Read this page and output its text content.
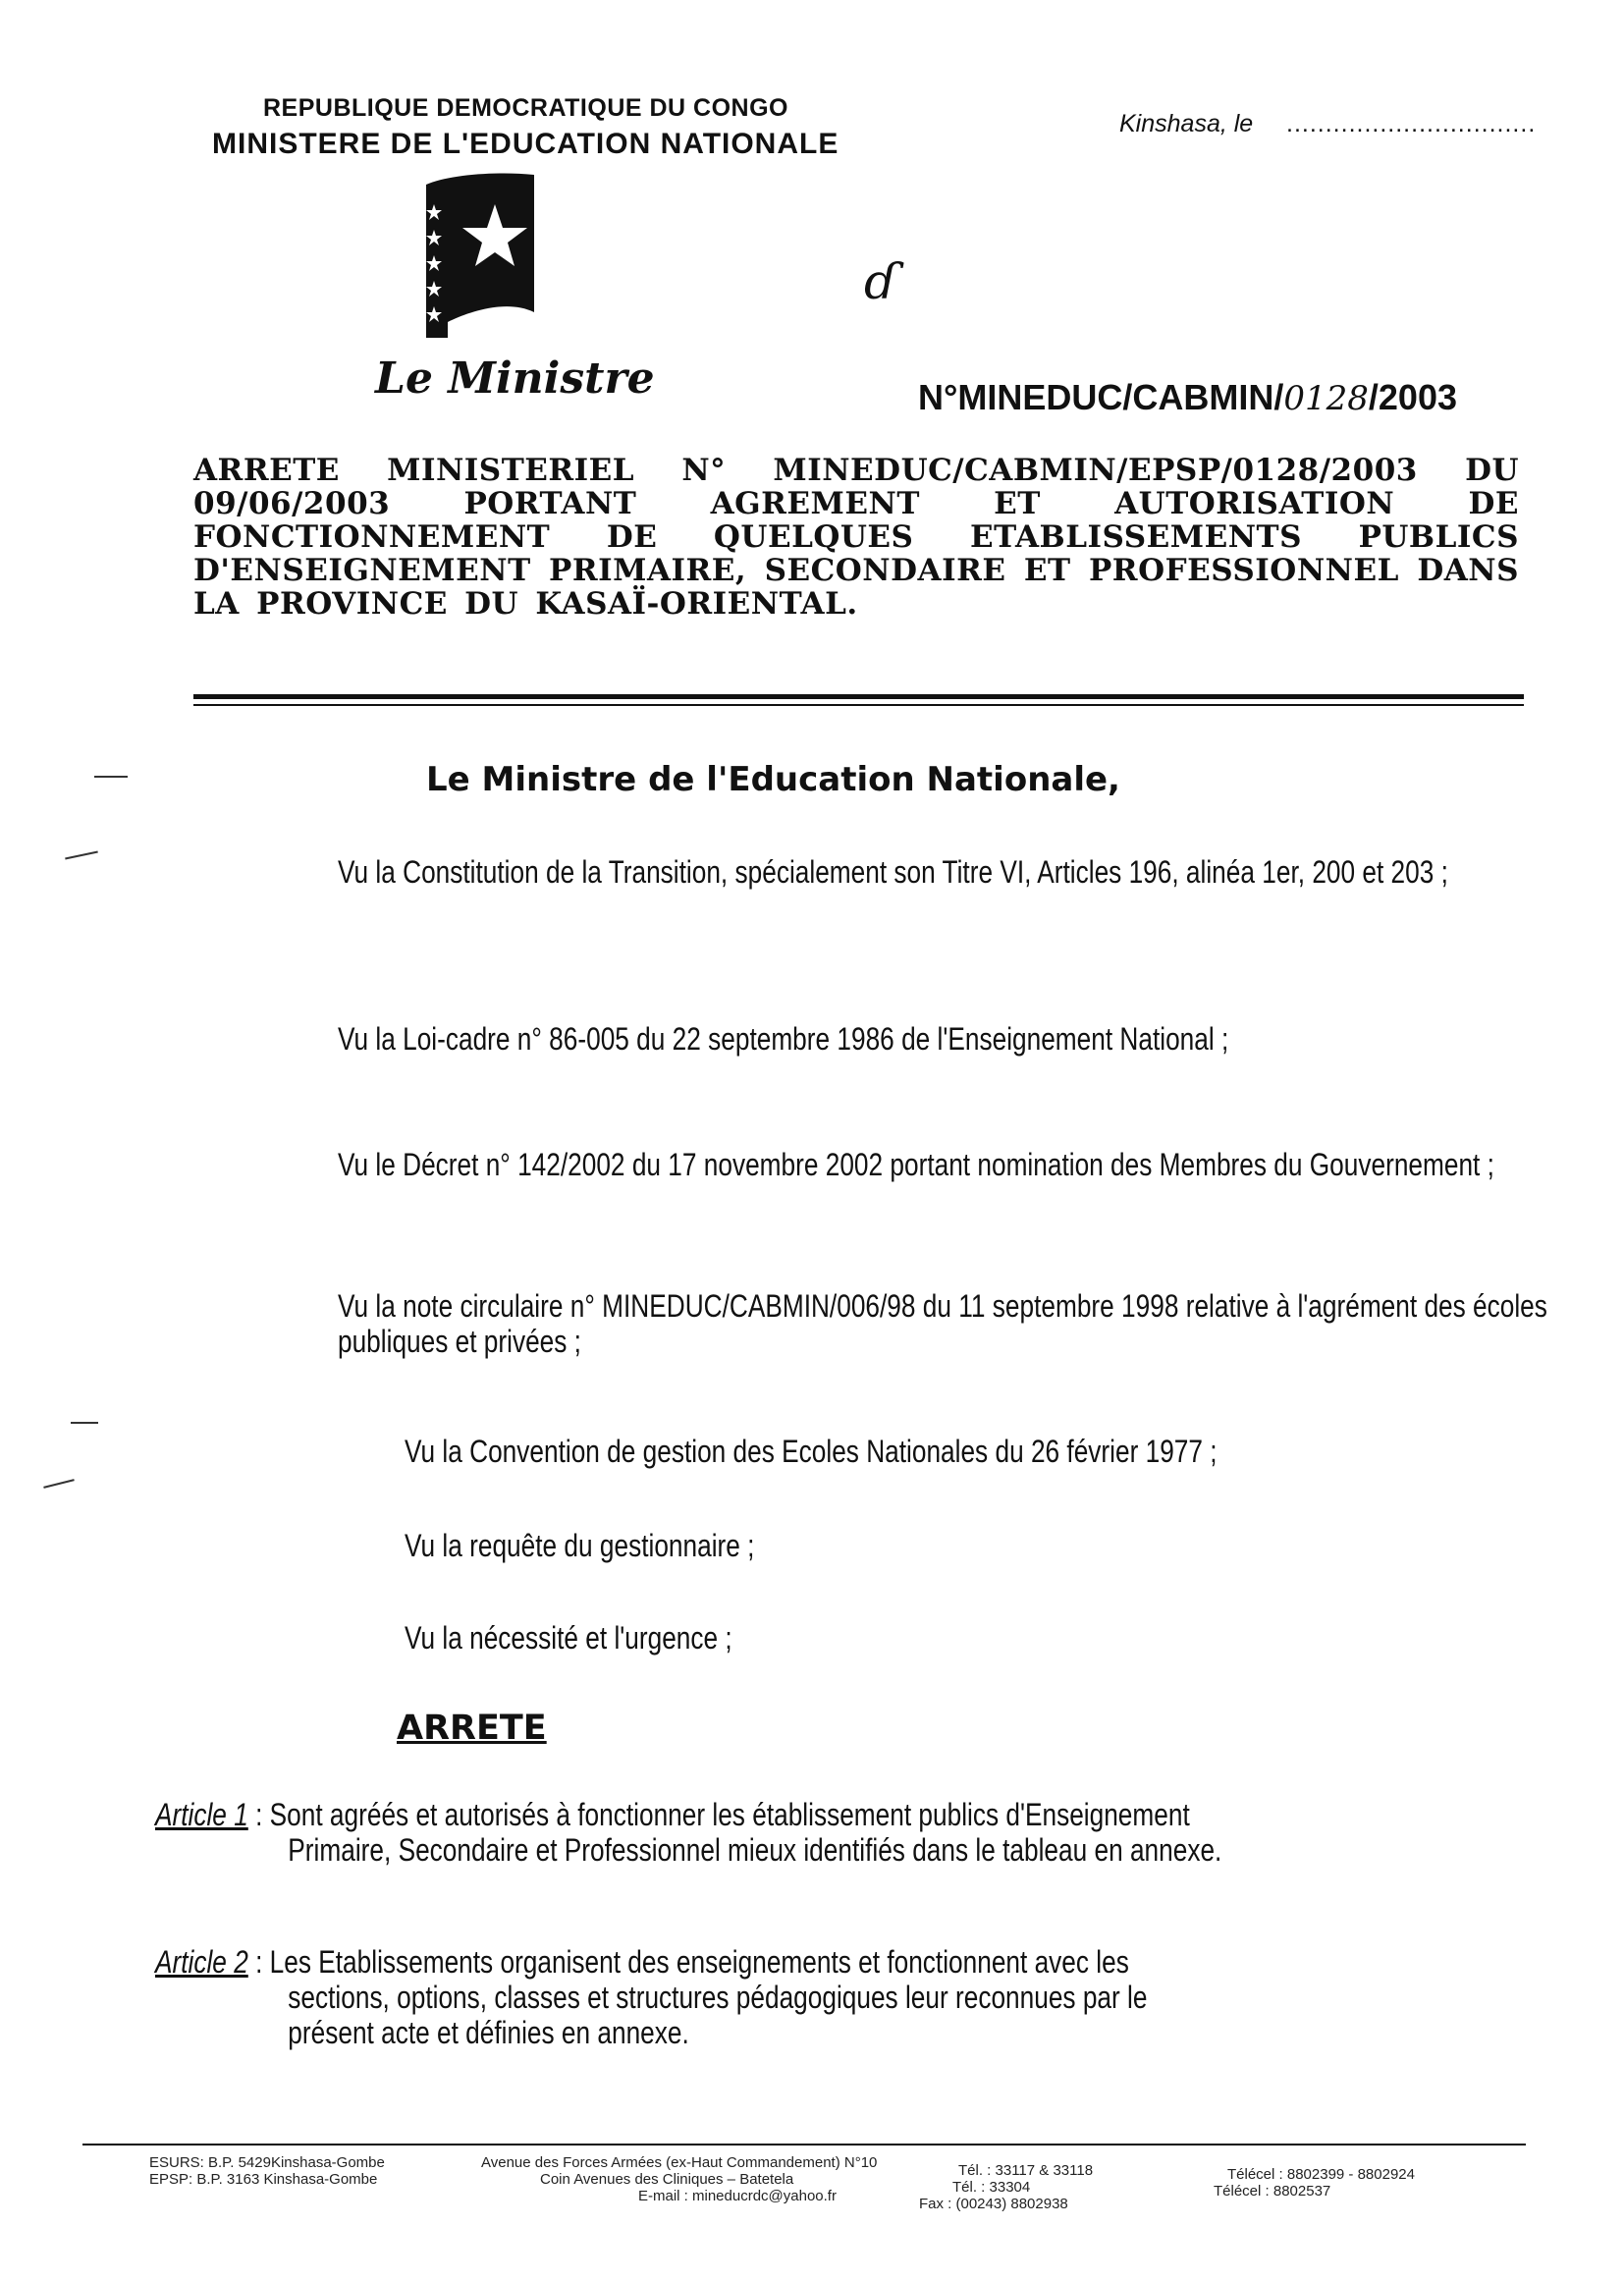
REPUBLIQUE DEMOCRATIQUE DU CONGO
MINISTERE DE L'EDUCATION NATIONALE
Kinshasa, le ................................
Le Ministre
ɗ
N°MINEDUC/CABMIN/0128/2003
ARRETE MINISTERIEL N° MINEDUC/CABMIN/EPSP/0128/2003 DU 09/06/2003 PORTANT AGREMENT ET AUTORISATION DE FONCTIONNEMENT DE QUELQUES ETABLISSEMENTS PUBLICS D'ENSEIGNEMENT PRIMAIRE, SECONDAIRE ET PROFESSIONNEL DANS LA PROVINCE DU KASAÏ-ORIENTAL.
Le Ministre de l'Education Nationale,
Vu la Constitution de la Transition, spécialement son Titre VI, Articles 196, alinéa 1er, 200 et 203 ;
Vu la Loi-cadre n° 86-005 du 22 septembre 1986 de l'Enseignement National ;
Vu le Décret n° 142/2002 du 17 novembre 2002 portant nomination des Membres du Gouvernement ;
Vu la note circulaire n° MINEDUC/CABMIN/006/98 du 11 septembre 1998 relative à l'agrément des écoles publiques et privées ;
Vu la Convention de gestion des Ecoles Nationales du 26 février 1977 ;
Vu la requête du gestionnaire ;
Vu la nécessité et l'urgence ;
ARRETE
Article 1 : Sont agréés et autorisés à fonctionner les établissement publics d'Enseignement
Primaire, Secondaire et Professionnel mieux identifiés dans le tableau en annexe.
Article 2 : Les Etablissements organisent des enseignements et fonctionnent avec les
sections, options, classes et structures pédagogiques leur reconnues par le
présent acte et définies en annexe.
ESURS: B.P. 5429Kinshasa-Gombe
EPSP: B.P. 3163 Kinshasa-Gombe
Avenue des Forces Armées (ex-Haut Commandement) N°10
Coin Avenues des Cliniques – Batetela
E-mail : mineducrdc@yahoo.fr
Tél. : 33117 & 33118
Tél. : 33304
Fax : (00243) 8802938
Télécel : 8802399 - 8802924
Télécel : 8802537
